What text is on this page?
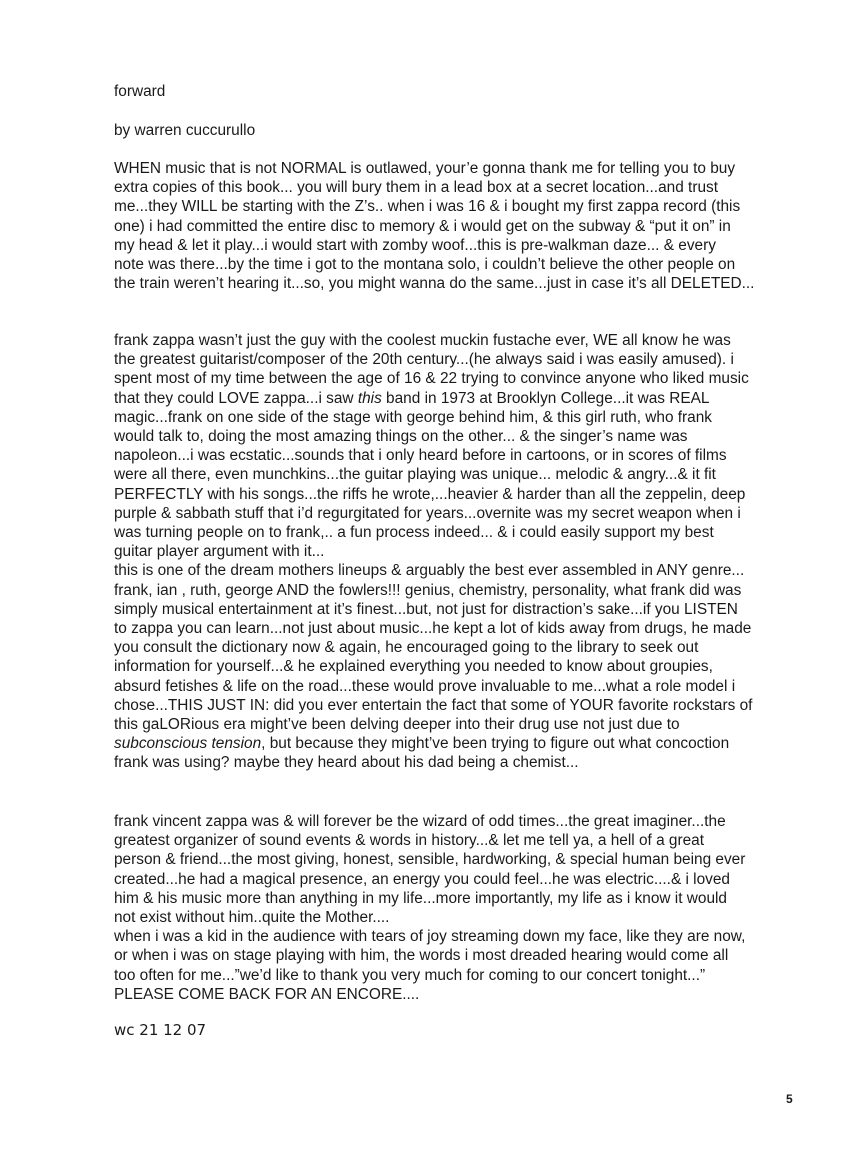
forward

by warren cuccurullo

WHEN music that is not NORMAL is outlawed, your’e gonna thank me for telling you to buy
extra copies of this book... you will bury them in a lead box at a secret location...and trust
me...they WILL be starting with the Z’s.. when i was 16 & i bought my first zappa record (this
one) i had committed the entire disc to memory & i would get on the subway & “put it on” in
my head & let it play...i would start with zomby woof...this is pre-walkman daze... & every
note was there...by the time i got to the montana solo, i couldn’t believe the other people on
the train weren’t hearing it...so, you might wanna do the same...just in case it’s all DELETED...
frank zappa wasn’t just the guy with the coolest muckin fustache ever, WE all know he was
the greatest guitarist/composer of the 20th century...(he always said i was easily amused). i
spent most of my time between the age of 16 & 22 trying to convince anyone who liked music
that they could LOVE zappa...i saw this band in 1973 at Brooklyn College...it was REAL
magic...frank on one side of the stage with george behind him, & this girl ruth, who frank
would talk to, doing the most amazing things on the other... & the singer’s name was
napoleon...i was ecstatic...sounds that i only heard before in cartoons, or in scores of films
were all there, even munchkins...the guitar playing was unique... melodic & angry...& it fit
PERFECTLY with his songs...the riffs he wrote,...heavier & harder than all the zeppelin, deep
purple & sabbath stuff that i’d regurgitated for years...overnite was my secret weapon when i
was turning people on to frank,.. a fun process indeed... & i could easily support my best
guitar player argument with it...
this is one of the dream mothers lineups & arguably the best ever assembled in ANY genre...
frank, ian , ruth, george AND the fowlers!!! genius, chemistry, personality, what frank did was
simply musical entertainment at it’s finest...but, not just for distraction’s sake...if you LISTEN
to zappa you can learn...not just about music...he kept a lot of kids away from drugs, he made
you consult the dictionary now & again, he encouraged going to the library to seek out
information for yourself...& he explained everything you needed to know about groupies,
absurd fetishes & life on the road...these would prove invaluable to me...what a role model i
chose...THIS JUST IN: did you ever entertain the fact that some of YOUR favorite rockstars of
this gaLORious era might’ve been delving deeper into their drug use not just due to
subconscious tension, but because they might’ve been trying to figure out what concoction
frank was using? maybe they heard about his dad being a chemist...
frank vincent zappa was & will forever be the wizard of odd times...the great imaginer...the
greatest organizer of sound events & words in history...& let me tell ya, a hell of a great
person & friend...the most giving, honest, sensible, hardworking, & special human being ever
created...he had a magical presence, an energy you could feel...he was electric....& i loved
him & his music more than anything in my life...more importantly, my life as i know it would
not exist without him..quite the Mother....
when i was a kid in the audience with tears of joy streaming down my face, like they are now,
or when i was on stage playing with him, the words i most dreaded hearing would come all
too often for me...”we’d like to thank you very much for coming to our concert tonight...”
PLEASE COME BACK FOR AN ENCORE....

wc 21 12 07

5
